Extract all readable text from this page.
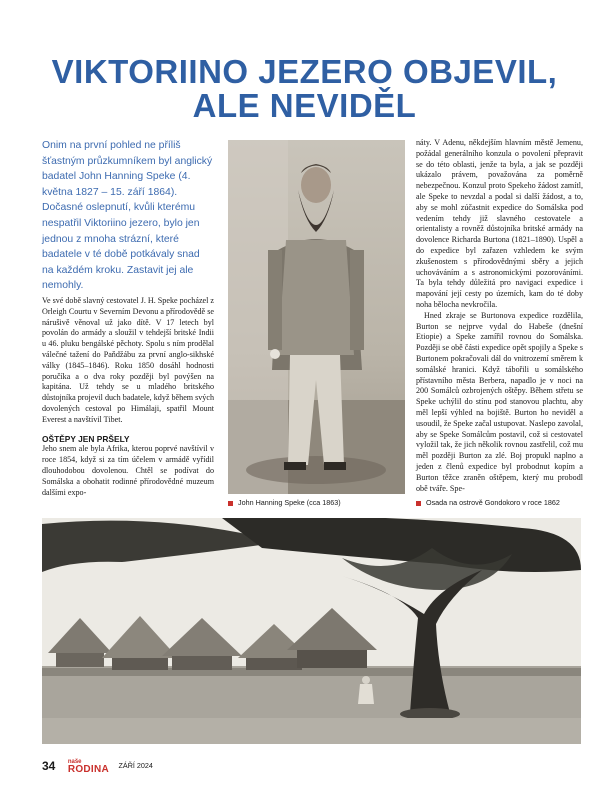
VIKTORIINO JEZERO OBJEVIL,
ALE NEVIDĚL
Onim na první pohled ne příliš šťastným průzkumníkem byl anglický badatel John Hanning Speke (4. května 1827 – 15. září 1864). Dočasné oslepnutí, kvůli kterému nespatřil Viktoriino jezero, bylo jen jednou z mnoha strázní, které badatele v té době potkávaly snad na každém kroku. Zastavit jej ale nemohly.

Ve své době slavný cestovatel J. H. Speke pocházel z Orleigh Courtu v Severním Devonu a přírodovědě se nárušivě věnoval už jako dítě. V 17 letech byl povolán do armády a sloužil v tehdejší britské Indii u 46. pluku bengálské pěchoty. Spolu s ním prodělal válečné tažení do Paňdžábu za první anglo-sikhské války (1845–1846). Roku 1850 dosáhl hodnosti poručíka a o dva roky později byl povýšen na kapitána. Už tehdy se u mladého britského důstojníka projevil duch badatele, když během svých dovolených cestoval po Himálaji, spatřil Mount Everest a navštívil Tibet.

OŠTĚPY JEN PRŠELY

Jeho snem ale byla Afrika, kterou poprvé navštívil v roce 1854, když si za tím účelem v armádě vyřídil dlouhodobou dovolenou. Chtěl se podívat do Somálska a obohatit rodinné přírodovědné muzeum dalšími expo-

náty. V Adenu, někdejším hlavním městě Jemenu, požádal generálního konzula o povolení přepravit se do této oblasti, jenže ta byla, a jak se později ukázalo právem, považována za poměrně nebezpečnou. Konzul proto Spekeho žádost zamítl, ale Speke to nevzdal a podal si další žádost, a to, aby se mohl zúčastnit expedice do Somálska pod vedením tehdy již slavného cestovatele a orientalisty a rovněž důstojníka britské armády na dovolence Richarda Burtona (1821–1890). Uspěl a do expedice byl zařazen vzhledem ke svým zkušenostem s přírodovědnými sběry a jejich uchováváním a s astronomickými pozorováními. Ta byla tehdy důležitá pro navigaci expedice i mapování její cesty po územích, kam do té doby noha bělocha nevkročila.

Hned zkraje se Burtonova expedice rozdělila, Burton se nejprve vydal do Habeše (dnešní Etiopie) a Speke zamířil rovnou do Somálska. Později se obě části expedice opět spojily a Speke s Burtonem pokračovali dál do vnitrozemí směrem k somálské hranici. Když tábořili u somálského přístavního města Berbera, napadlo je v noci na 200 Somálců ozbrojených oštěpy. Během střetu se Speke uchýlil do stínu pod stanovou plachtu, aby měl lepší výhled na bojiště. Burton ho neviděl a usoudil, že Speke začal ustupovat. Naslepo zavolal, aby se Speke Somálcům postavil, což si cestovatel vyložil tak, že jich několik rovnou zastřelil, což mu měl později Burton za zlé. Boj propukl naplno a jeden z členů expedice byl probodnut kopím a Burton těžce zraněn oštěpem, který mu probodl obě tváře. Spe-

John Hanning Speke (cca 1863)	Osada na ostrově Gondokoro v roce 1862
34 naše
RODINA ZÁŘÍ 2024
